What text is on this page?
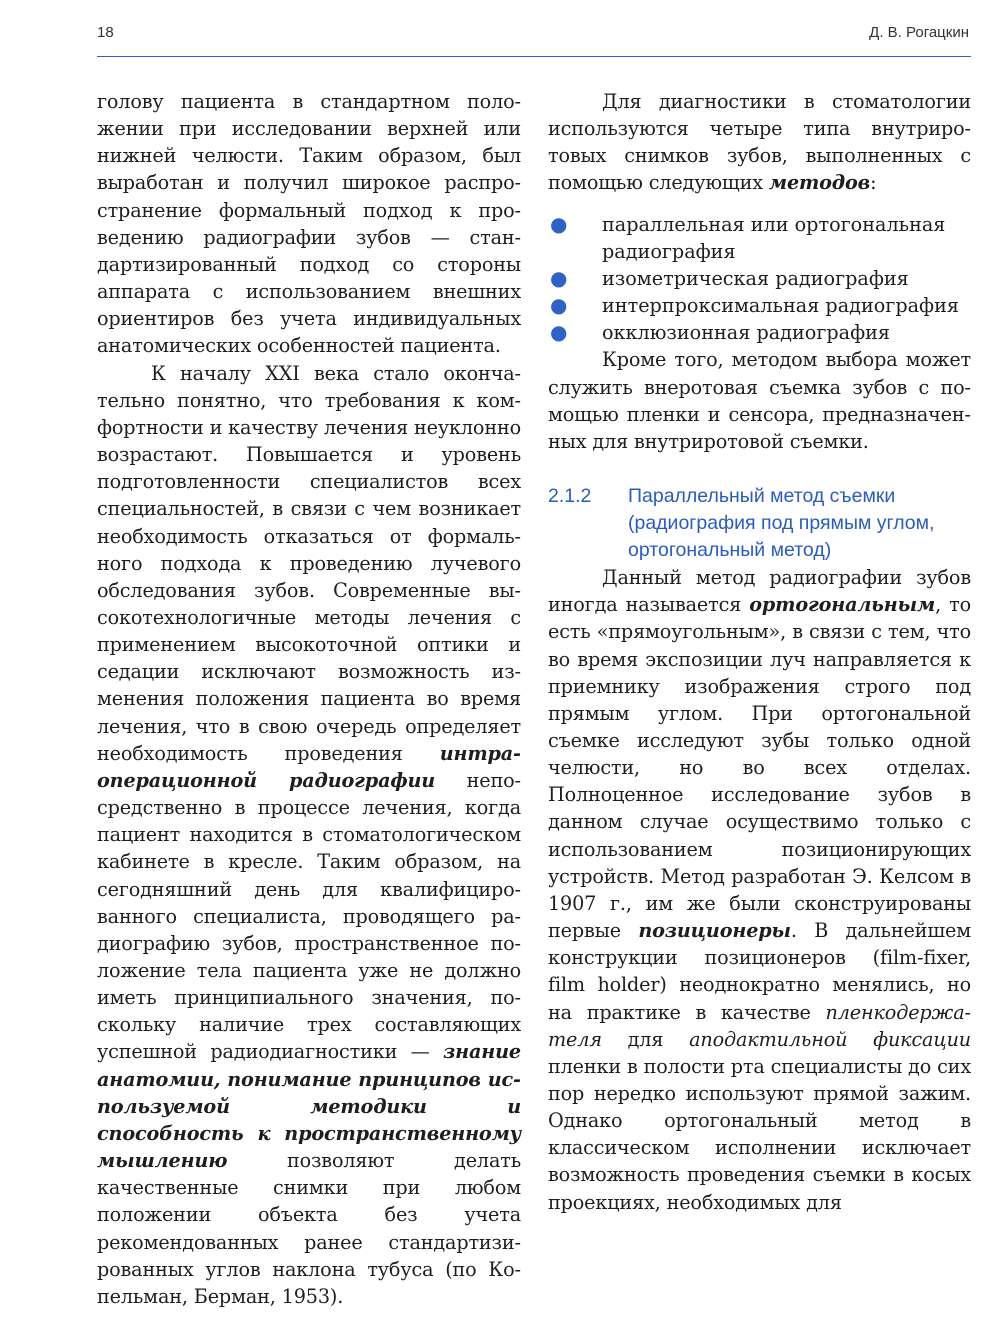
18	Д. В. Рогацкин

голову пациента в стандартном положении при исследовании верхней или нижней челюсти. Таким образом, был выработан и получил широкое распространение формальный подход к проведению радиографии зубов — стандартизированный подход со стороны аппарата с использованием внешних ориентиров без учета индивидуальных анатомических особенностей пациента.

К началу XXI века стало окончательно понятно, что требования к комфортности и качеству лечения неуклонно возрастают. Повышается и уровень подготовленности специалистов всех специальностей, в связи с чем возникает необходимость отказаться от формального подхода к проведению лучевого обследования зубов. Современные высокотехнологичные методы лечения с применением высокоточной оптики и седации исключают возможность изменения положения пациента во время лечения, что в свою очередь определяет необходимость проведения интраоперационной радиографии непосредственно в процессе лечения, когда пациент находится в стоматологическом кабинете в кресле. Таким образом, на сегодняшний день для квалифицированного специалиста, проводящего радиографию зубов, пространственное положение тела пациента уже не должно иметь принципиального значения, поскольку наличие трех составляющих успешной радиодиагностики — знание анатомии, понимание принципов используемой методики и способность к пространственному мышлению позволяют делать качественные снимки при любом положении объекта без учета рекомендованных ранее стандартизированных углов наклона тубуса (по Копельман, Берман, 1953).

Для диагностики в стоматологии используются четыре типа внутриротовых снимков зубов, выполненных с помощью следующих методов:

● параллельная или ортогональная радиография
● изометрическая радиография
● интерпроксимальная радиография
● окклюзионная радиография

Кроме того, методом выбора может служить внеротовая съемка зубов с помощью пленки и сенсора, предназначенных для внутриротовой съемки.

2.1.2 Параллельный метод съемки (радиография под прямым углом, ортогональный метод)

Данный метод радиографии зубов иногда называется ортогональным, то есть «прямоугольным», в связи с тем, что во время экспозиции луч направляется к приемнику изображения строго под прямым углом. При ортогональной съемке исследуют зубы только одной челюсти, но во всех отделах. Полноценное исследование зубов в данном случае осуществимо только с использованием позиционирующих устройств. Метод разработан Э. Келсом в 1907 г., им же были сконструированы первые позиционеры. В дальнейшем конструкции позиционеров (film-fixer, film holder) неоднократно менялись, но на практике в качестве пленкодержателя для аподактильной фиксации пленки в полости рта специалисты до сих пор нередко используют прямой зажим. Однако ортогональный метод в классическом исполнении исключает возможность проведения съемки в косых проекциях, необходимых для
